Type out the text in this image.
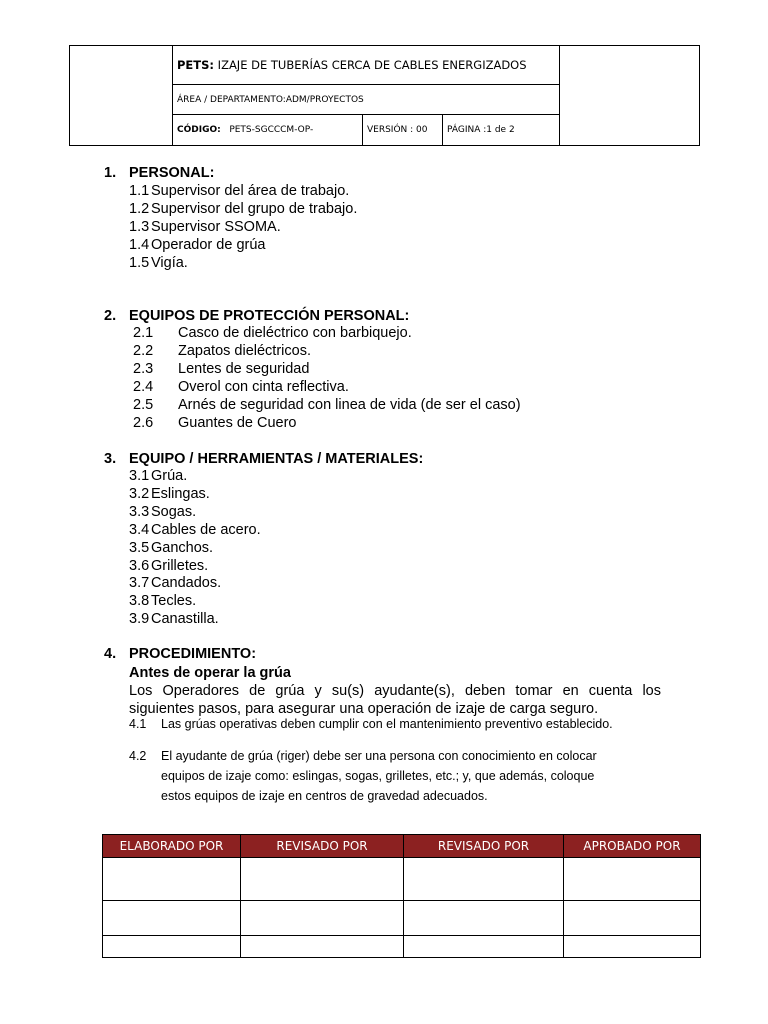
	PETS: IZAJE DE TUBERÍAS CERCA DE CABLES ENERGIZADOS			
	ÁREA / DEPARTAMENTO:ADM/PROYECTOS			
	CÓDIGO: PETS-SGCCCM-OP-	VERSIÓN : 00	PÁGINA :1 de 2	
1. PERSONAL:
1.1 Supervisor del área de trabajo.
1.2 Supervisor del grupo de trabajo.
1.3 Supervisor SSOMA.
1.4 Operador de grúa
1.5 Vigía.
2. EQUIPOS DE PROTECCIÓN PERSONAL:
2.1 Casco de dieléctrico con barbiquejo.
2.2 Zapatos dieléctricos.
2.3 Lentes de seguridad
2.4 Overol con cinta reflectiva.
2.5 Arnés de seguridad con linea de vida (de ser el caso)
2.6 Guantes de Cuero
3. EQUIPO / HERRAMIENTAS / MATERIALES:
3.1 Grúa.
3.2 Eslingas.
3.3 Sogas.
3.4 Cables de acero.
3.5 Ganchos.
3.6 Grilletes.
3.7 Candados.
3.8 Tecles.
3.9 Canastilla.
4. PROCEDIMIENTO:
Antes de operar la grúa
Los Operadores de grúa y su(s) ayudante(s), deben tomar en cuenta los
siguientes pasos, para asegurar una operación de izaje de carga seguro.
4.1 Las grúas operativas deben cumplir con el mantenimiento preventivo establecido.
4.2 El ayudante de grúa (riger) debe ser una persona con conocimiento en colocar
equipos de izaje como: eslingas, sogas, grilletes, etc.; y, que además, coloque
estos equipos de izaje en centros de gravedad adecuados.
ELABORADO POR	REVISADO POR	REVISADO POR	APROBADO POR
